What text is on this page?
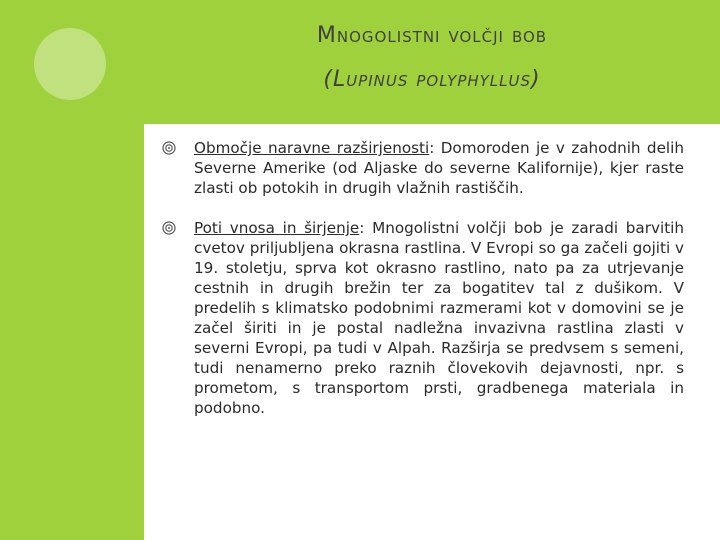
Mnogolistni volčji bob
(Lupinus polyphyllus)
Območje naravne razširjenosti: Domoroden je v zahodnih delih Severne Amerike (od Aljaske do severne Kalifornije), kjer raste zlasti ob potokih in drugih vlažnih rastiščih.
Poti vnosa in širjenje: Mnogolistni volčji bob je zaradi barvitih cvetov priljubljena okrasna rastlina. V Evropi so ga začeli gojiti v 19. stoletju, sprva kot okrasno rastlino, nato pa za utrjevanje cestnih in drugih brežin ter za bogatitev tal z dušikom. V predelih s klimatsko podobnimi razmerami kot v domovini se je začel širiti in je postal nadležna invazivna rastlina zlasti v severni Evropi, pa tudi v Alpah. Razširja se predvsem s semeni, tudi nenamerno preko raznih človekovih dejavnosti, npr. s prometom, s transportom prsti, gradbenega materiala in podobno.
